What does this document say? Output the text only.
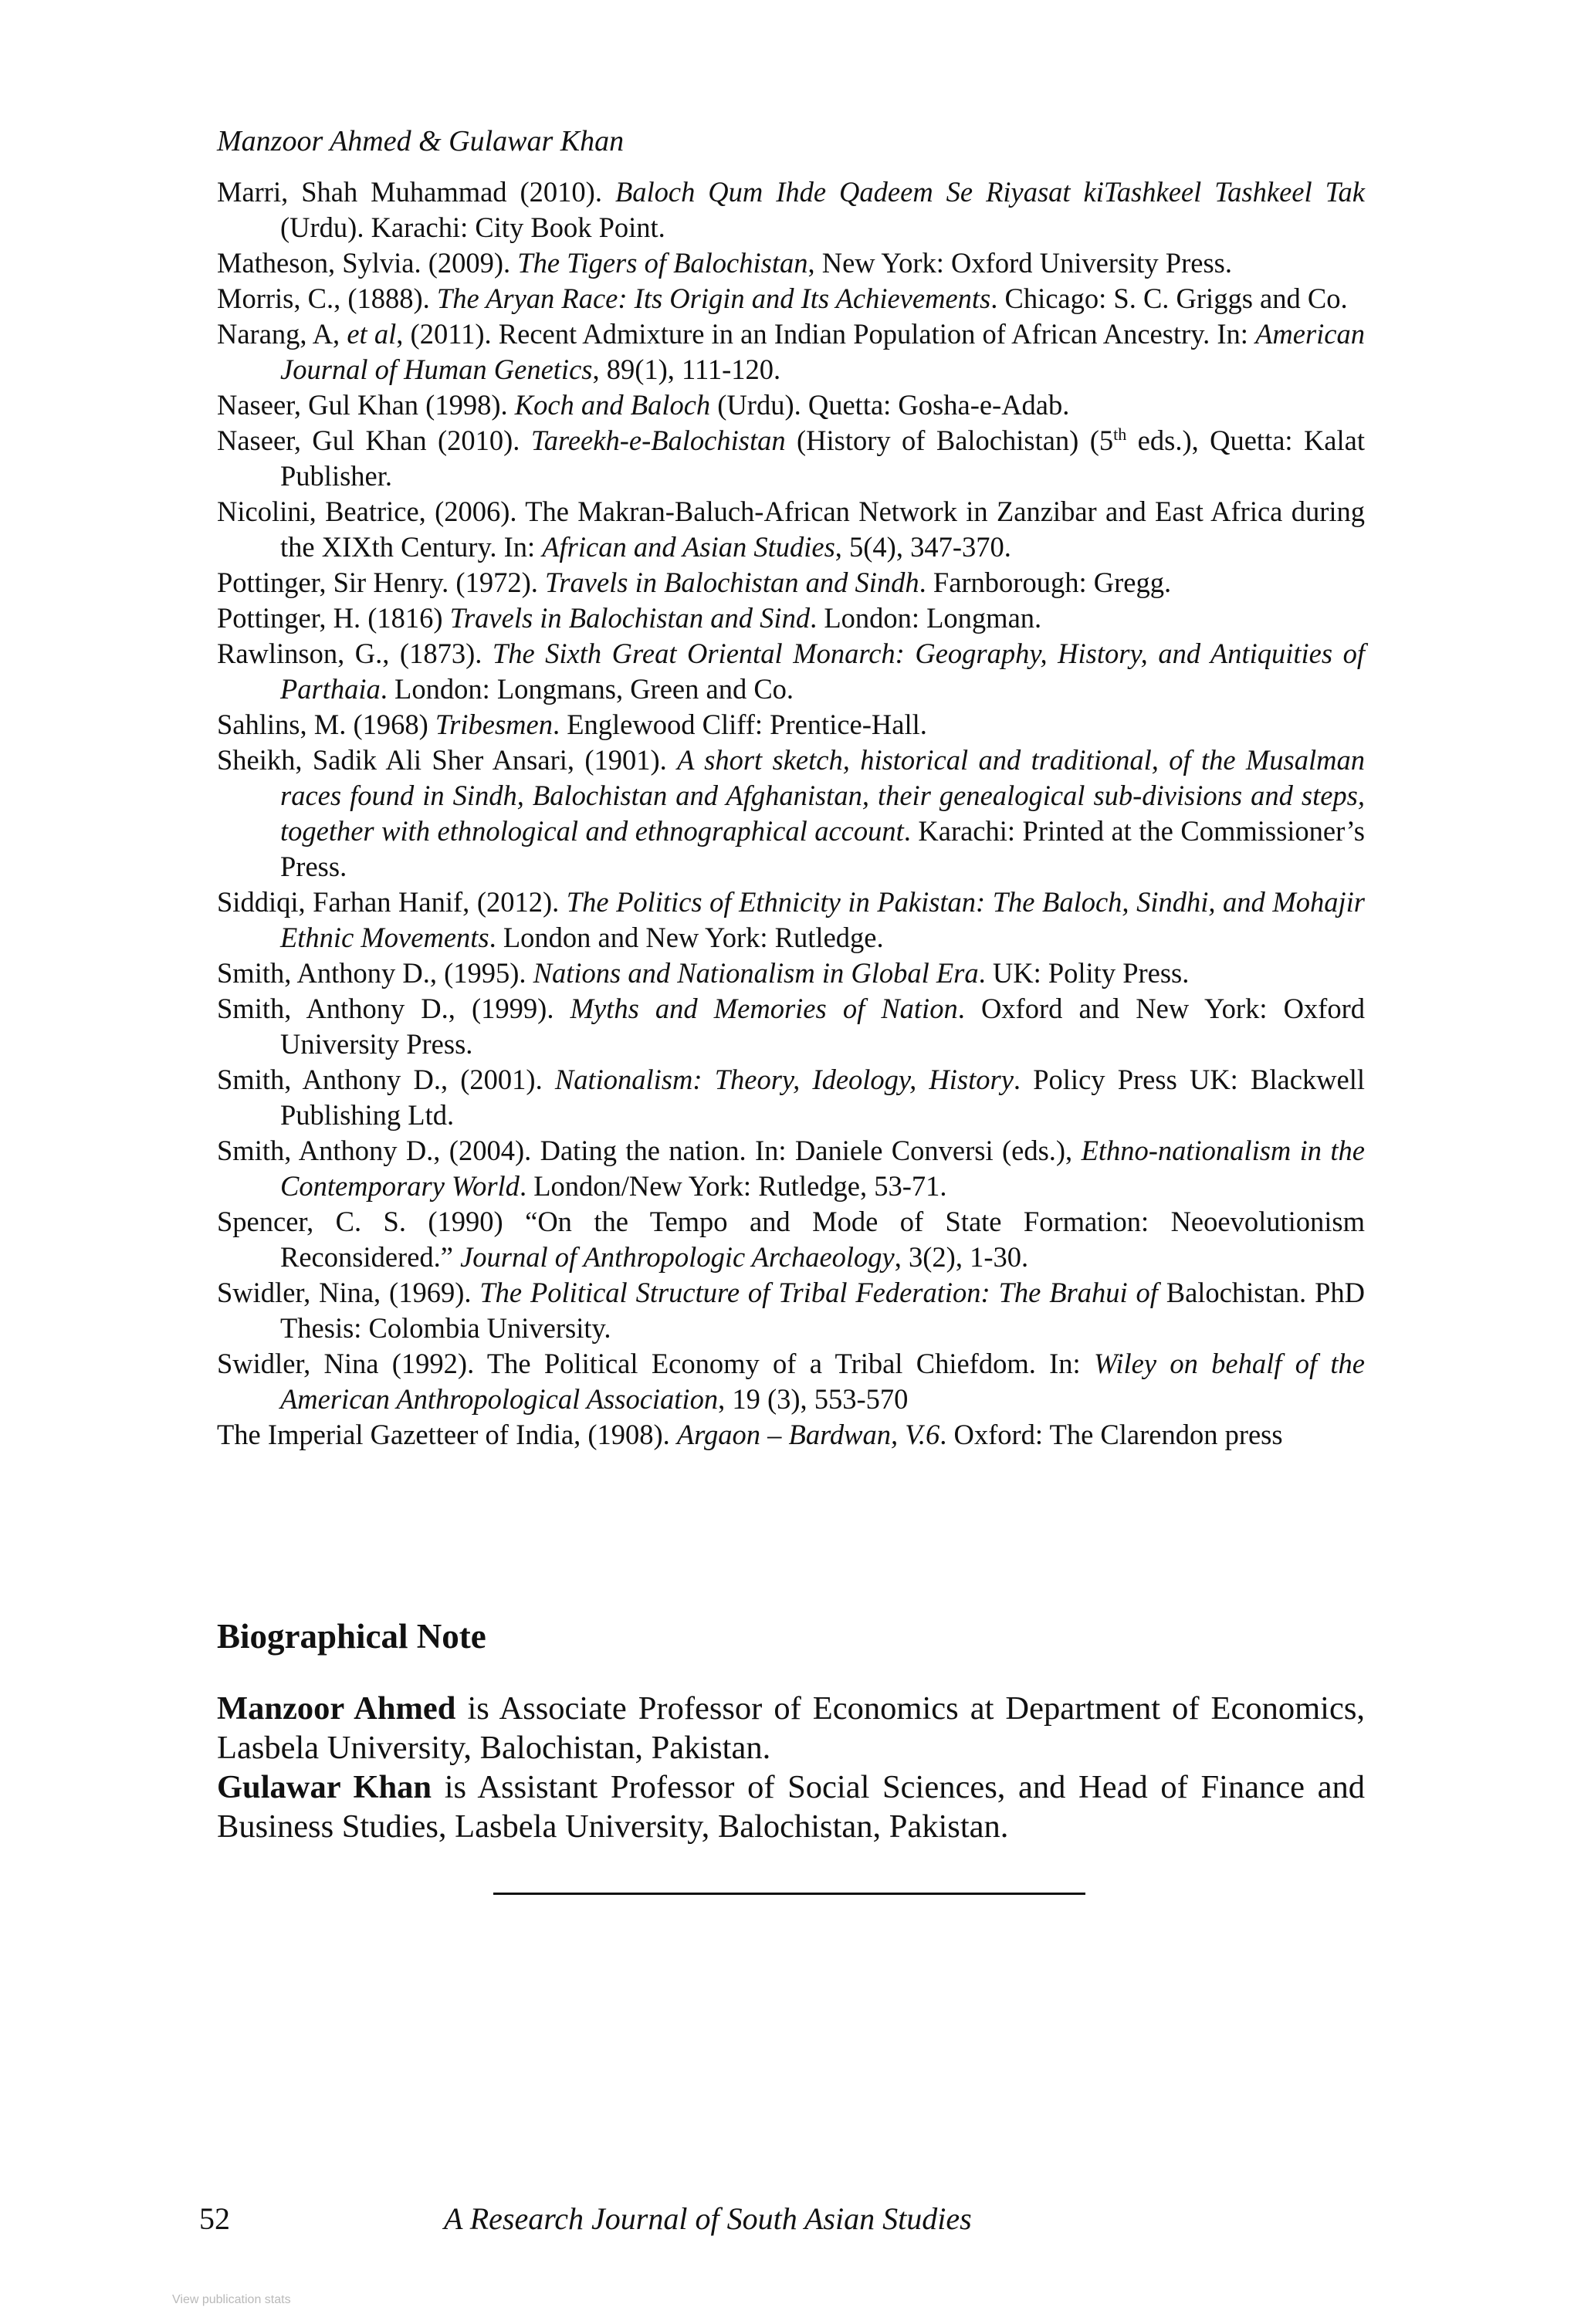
Manzoor Ahmed & Gulawar Khan

Marri, Shah Muhammad (2010). Baloch Qum Ihde Qadeem Se Riyasat kiTashkeel Tashkeel Tak (Urdu). Karachi: City Book Point.

Matheson, Sylvia. (2009). The Tigers of Balochistan, New York: Oxford University Press.

Morris, C., (1888). The Aryan Race: Its Origin and Its Achievements. Chicago: S. C. Griggs and Co.

Narang, A, et al, (2011). Recent Admixture in an Indian Population of African Ancestry. In: American Journal of Human Genetics, 89(1), 111-120.

Naseer, Gul Khan (1998). Koch and Baloch (Urdu). Quetta: Gosha-e-Adab.

Naseer, Gul Khan (2010). Tareekh-e-Balochistan (History of Balochistan) (5th eds.), Quetta: Kalat Publisher.

Nicolini, Beatrice, (2006). The Makran-Baluch-African Network in Zanzibar and East Africa during the XIXth Century. In: African and Asian Studies, 5(4), 347-370.

Pottinger, Sir Henry. (1972). Travels in Balochistan and Sindh. Farnborough: Gregg.

Pottinger, H. (1816) Travels in Balochistan and Sind. London: Longman.

Rawlinson, G., (1873). The Sixth Great Oriental Monarch: Geography, History, and Antiquities of Parthaia. London: Longmans, Green and Co.

Sahlins, M. (1968) Tribesmen. Englewood Cliff: Prentice-Hall.

Sheikh, Sadik Ali Sher Ansari, (1901). A short sketch, historical and traditional, of the Musalman races found in Sindh, Balochistan and Afghanistan, their genealogical sub-divisions and steps, together with ethnological and ethnographical account. Karachi: Printed at the Commissioner’s Press.

Siddiqi, Farhan Hanif, (2012). The Politics of Ethnicity in Pakistan: The Baloch, Sindhi, and Mohajir Ethnic Movements. London and New York: Rutledge.

Smith, Anthony D., (1995). Nations and Nationalism in Global Era. UK: Polity Press.

Smith, Anthony D., (1999). Myths and Memories of Nation. Oxford and New York: Oxford University Press.

Smith, Anthony D., (2001). Nationalism: Theory, Ideology, History. Policy Press UK: Blackwell Publishing Ltd.

Smith, Anthony D., (2004). Dating the nation. In: Daniele Conversi (eds.), Ethno-nationalism in the Contemporary World. London/New York: Rutledge, 53-71.

Spencer, C. S. (1990) “On the Tempo and Mode of State Formation: Neoevolutionism Reconsidered.” Journal of Anthropologic Archaeology, 3(2), 1-30.

Swidler, Nina, (1969). The Political Structure of Tribal Federation: The Brahui of Balochistan. PhD Thesis: Colombia University.

Swidler, Nina (1992). The Political Economy of a Tribal Chiefdom. In: Wiley on behalf of the American Anthropological Association, 19 (3), 553-570

The Imperial Gazetteer of India, (1908). Argaon – Bardwan, V.6. Oxford: The Clarendon press

Biographical Note

Manzoor Ahmed is Associate Professor of Economics at Department of Economics, Lasbela University, Balochistan, Pakistan.

Gulawar Khan is Assistant Professor of Social Sciences, and Head of Finance and Business Studies, Lasbela University, Balochistan, Pakistan.

52	A Research Journal of South Asian Studies
View publication stats
